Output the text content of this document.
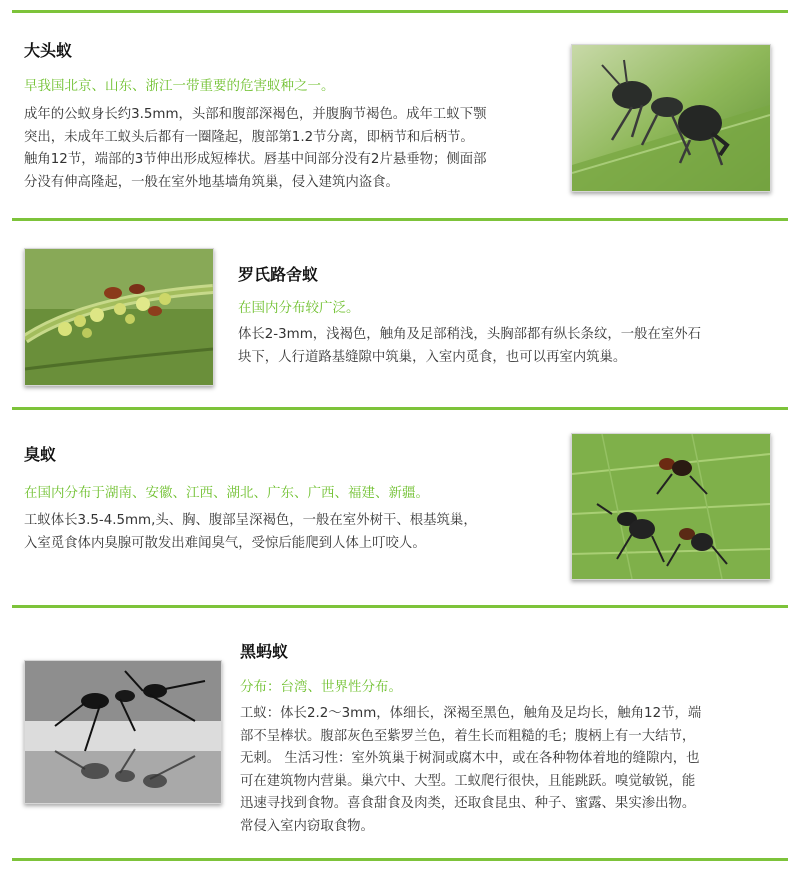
大头蚁
早我国北京、山东、浙江一带重要的危害蚁种之一。

成年的公蚁身长约3.5mm，头部和腹部深褐色，并腹胸节褐色。成年工蚁下颚

突出，未成年工蚁头后都有一圈隆起，腹部第1.2节分离，即柄节和后柄节。

触角12节，端部的3节伸出形成短棒状。唇基中间部分没有2片悬垂物；侧面部

分没有伸高隆起，一般在室外地基墙角筑巢，侵入建筑内盗食。

罗氏路舍蚁
在国内分布较广泛。

体长2-3mm，浅褐色，触角及足部稍浅，头胸部都有纵长条纹，一般在室外石

块下，人行道路基缝隙中筑巢，入室内觅食，也可以再室内筑巢。

臭蚁
在国内分布于湖南、安徽、江西、湖北、广东、广西、福建、新疆。

工蚁体长3.5-4.5mm,头、胸、腹部呈深褐色，一般在室外树干、根基筑巢，

入室觅食体内臭腺可散发出难闻臭气，受惊后能爬到人体上叮咬人。

黑蚂蚁
分布：台湾、世界性分布。

工蚁：体长2.2～3mm，体细长，深褐至黑色，触角及足均长，触角12节，端

部不呈棒状。腹部灰色至紫罗兰色，着生长而粗糙的毛；腹柄上有一大结节，

无刺。 生活习性：室外筑巢于树洞或腐木中，或在各种物体着地的缝隙内，也

可在建筑物内营巢。巢穴中、大型。工蚁爬行很快，且能跳跃。嗅觉敏锐，能

迅速寻找到食物。喜食甜食及肉类，还取食昆虫、种子、蜜露、果实渗出物。

常侵入室内窃取食物。
